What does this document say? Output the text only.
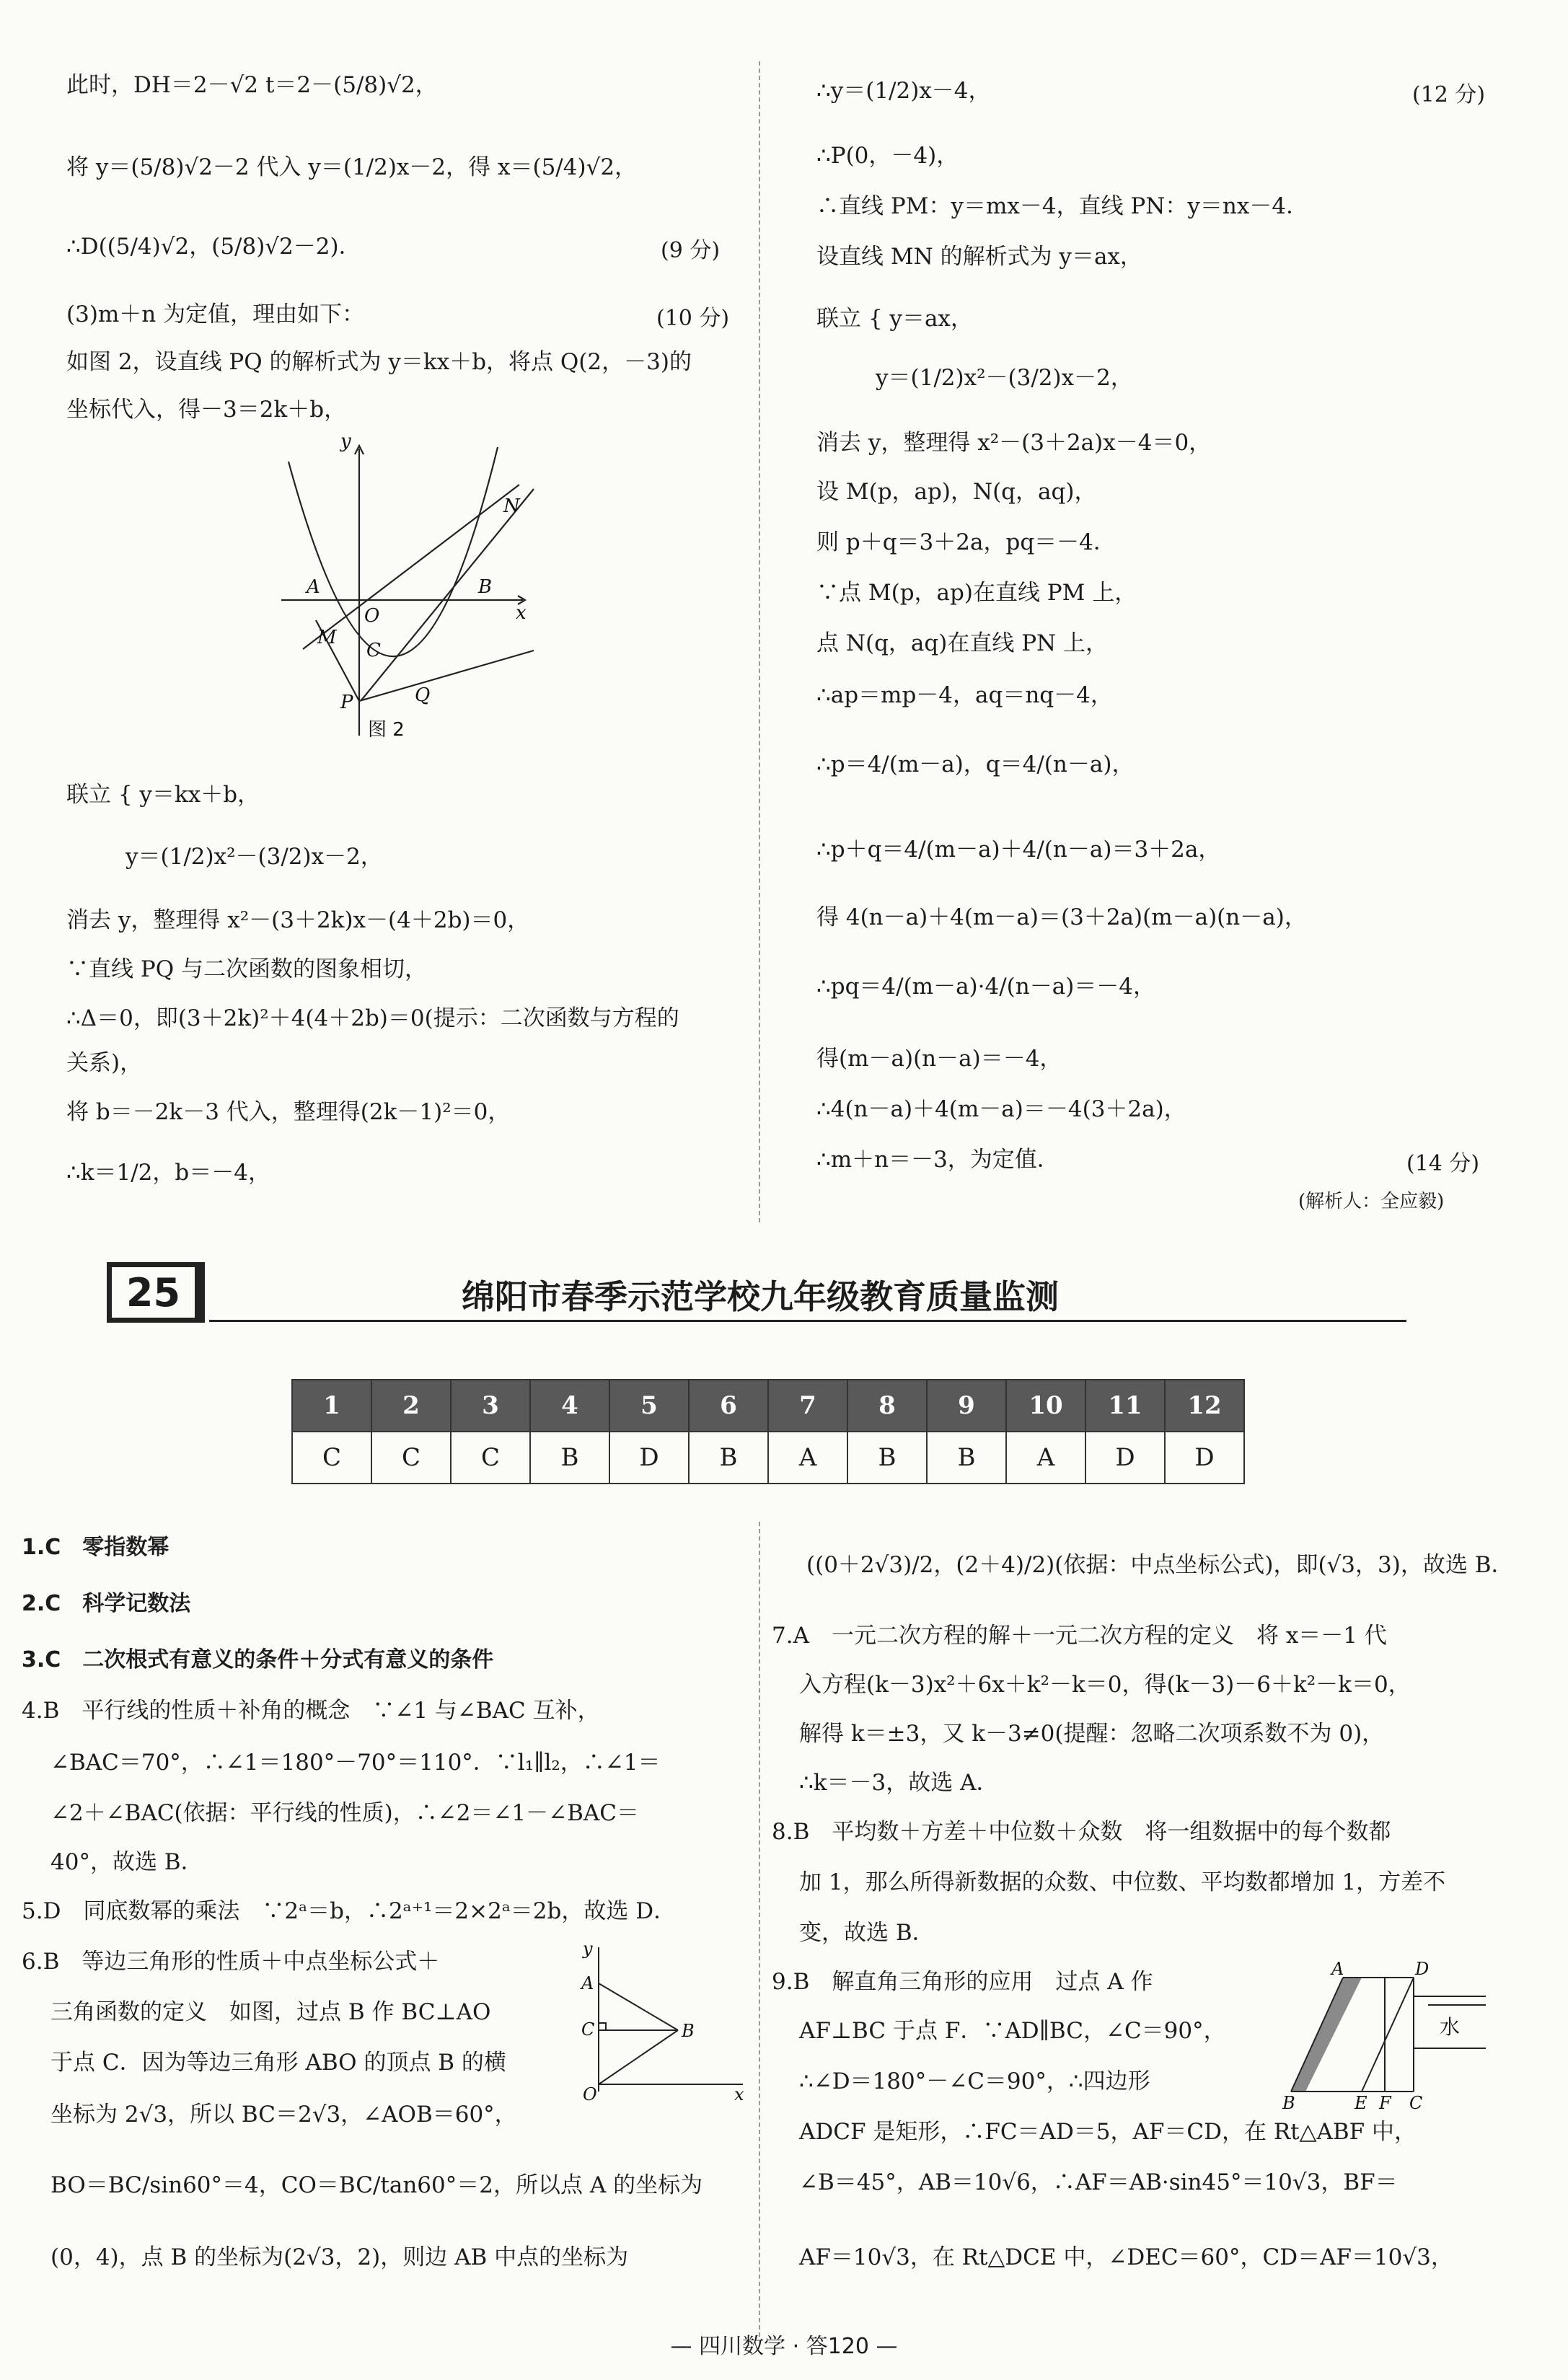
此时，DH＝2－√2 t＝2－(5/8)√2，
将 y＝(5/8)√2－2 代入 y＝(1/2)x－2，得 x＝(5/4)√2，
∴D((5/4)√2，(5/8)√2－2)．	(9 分)
(3)m＋n 为定值，理由如下：	(10 分)
如图 2，设直线 PQ 的解析式为 y＝kx＋b，将点 Q(2，－3)的
坐标代入，得－3＝2k＋b，
y
x
A
O
B
M
C
N
P	Q
图 2
联立 { y＝kx＋b，
y＝(1/2)x²－(3/2)x－2，
消去 y，整理得 x²－(3＋2k)x－(4＋2b)＝0，
∵直线 PQ 与二次函数的图象相切，
∴Δ＝0，即(3＋2k)²＋4(4＋2b)＝0(提示：二次函数与方程的
关系)，
将 b＝－2k－3 代入，整理得(2k－1)²＝0，
∴k＝1/2，b＝－4，
∴y＝(1/2)x－4，	(12 分)
∴P(0，－4)，
∴直线 PM：y＝mx－4，直线 PN：y＝nx－4．
设直线 MN 的解析式为 y＝ax，
联立 { y＝ax，
y＝(1/2)x²－(3/2)x－2，
消去 y，整理得 x²－(3＋2a)x－4＝0，
设 M(p，ap)，N(q，aq)，
则 p＋q＝3＋2a，pq＝－4．
∵点 M(p，ap)在直线 PM 上，
点 N(q，aq)在直线 PN 上，
∴ap＝mp－4，aq＝nq－4，
∴p＝4/(m－a)，q＝4/(n－a)，
∴p＋q＝4/(m－a)＋4/(n－a)＝3＋2a，
得 4(n－a)＋4(m－a)＝(3＋2a)(m－a)(n－a)，
∴pq＝4/(m－a)·4/(n－a)＝－4，
得(m－a)(n－a)＝－4，
∴4(n－a)＋4(m－a)＝－4(3＋2a)，
∴m＋n＝－3，为定值．	(14 分)
(解析人：全应毅)
25	绵阳市春季示范学校九年级教育质量监测
1	2	3	4	5	6	7	8	9	10	11	12
C	C	C	B	D	B	A	B	B	A	D	D
1.C　零指数幂
2.C　科学记数法
3.C　二次根式有意义的条件＋分式有意义的条件
4.B　平行线的性质＋补角的概念　∵∠1 与∠BAC 互补，
∠BAC＝70°，∴∠1＝180°－70°＝110°．∵l₁∥l₂，∴∠1＝
∠2＋∠BAC(依据：平行线的性质)，∴∠2＝∠1－∠BAC＝
40°，故选 B．
5.D　同底数幂的乘法　∵2ᵃ＝b，∴2ᵃ⁺¹＝2×2ᵃ＝2b，故选 D．
6.B　等边三角形的性质＋中点坐标公式＋
三角函数的定义　如图，过点 B 作 BC⊥AO
于点 C．因为等边三角形 ABO 的顶点 B 的横
坐标为 2√3，所以 BC＝2√3，∠AOB＝60°，
BO＝BC/sin60°＝4，CO＝BC/tan60°＝2，所以点 A 的坐标为
(0，4)，点 B 的坐标为(2√3，2)，则边 AB 中点的坐标为
y
A
C	B
O	x
((0＋2√3)/2，(2＋4)/2)(依据：中点坐标公式)，即(√3，3)，故选 B．
7.A　一元二次方程的解＋一元二次方程的定义　将 x＝－1 代
入方程(k－3)x²＋6x＋k²－k＝0，得(k－3)－6＋k²－k＝0，
解得 k＝±3，又 k－3≠0(提醒：忽略二次项系数不为 0)，
∴k＝－3，故选 A．
8.B　平均数＋方差＋中位数＋众数　将一组数据中的每个数都
加 1，那么所得新数据的众数、中位数、平均数都增加 1，方差不
变，故选 B．
9.B　解直角三角形的应用　过点 A 作
AF⊥BC 于点 F．∵AD∥BC，∠C＝90°，
∴∠D＝180°－∠C＝90°，∴四边形
ADCF 是矩形，∴FC＝AD＝5，AF＝CD，在 Rt△ABF 中，
∠B＝45°，AB＝10√6，∴AF＝AB·sin45°＝10√3，BF＝
AF＝10√3，在 Rt△DCE 中，∠DEC＝60°，CD＝AF＝10√3，
A	D
B	E F C
水
— 四川数学 · 答120 —
